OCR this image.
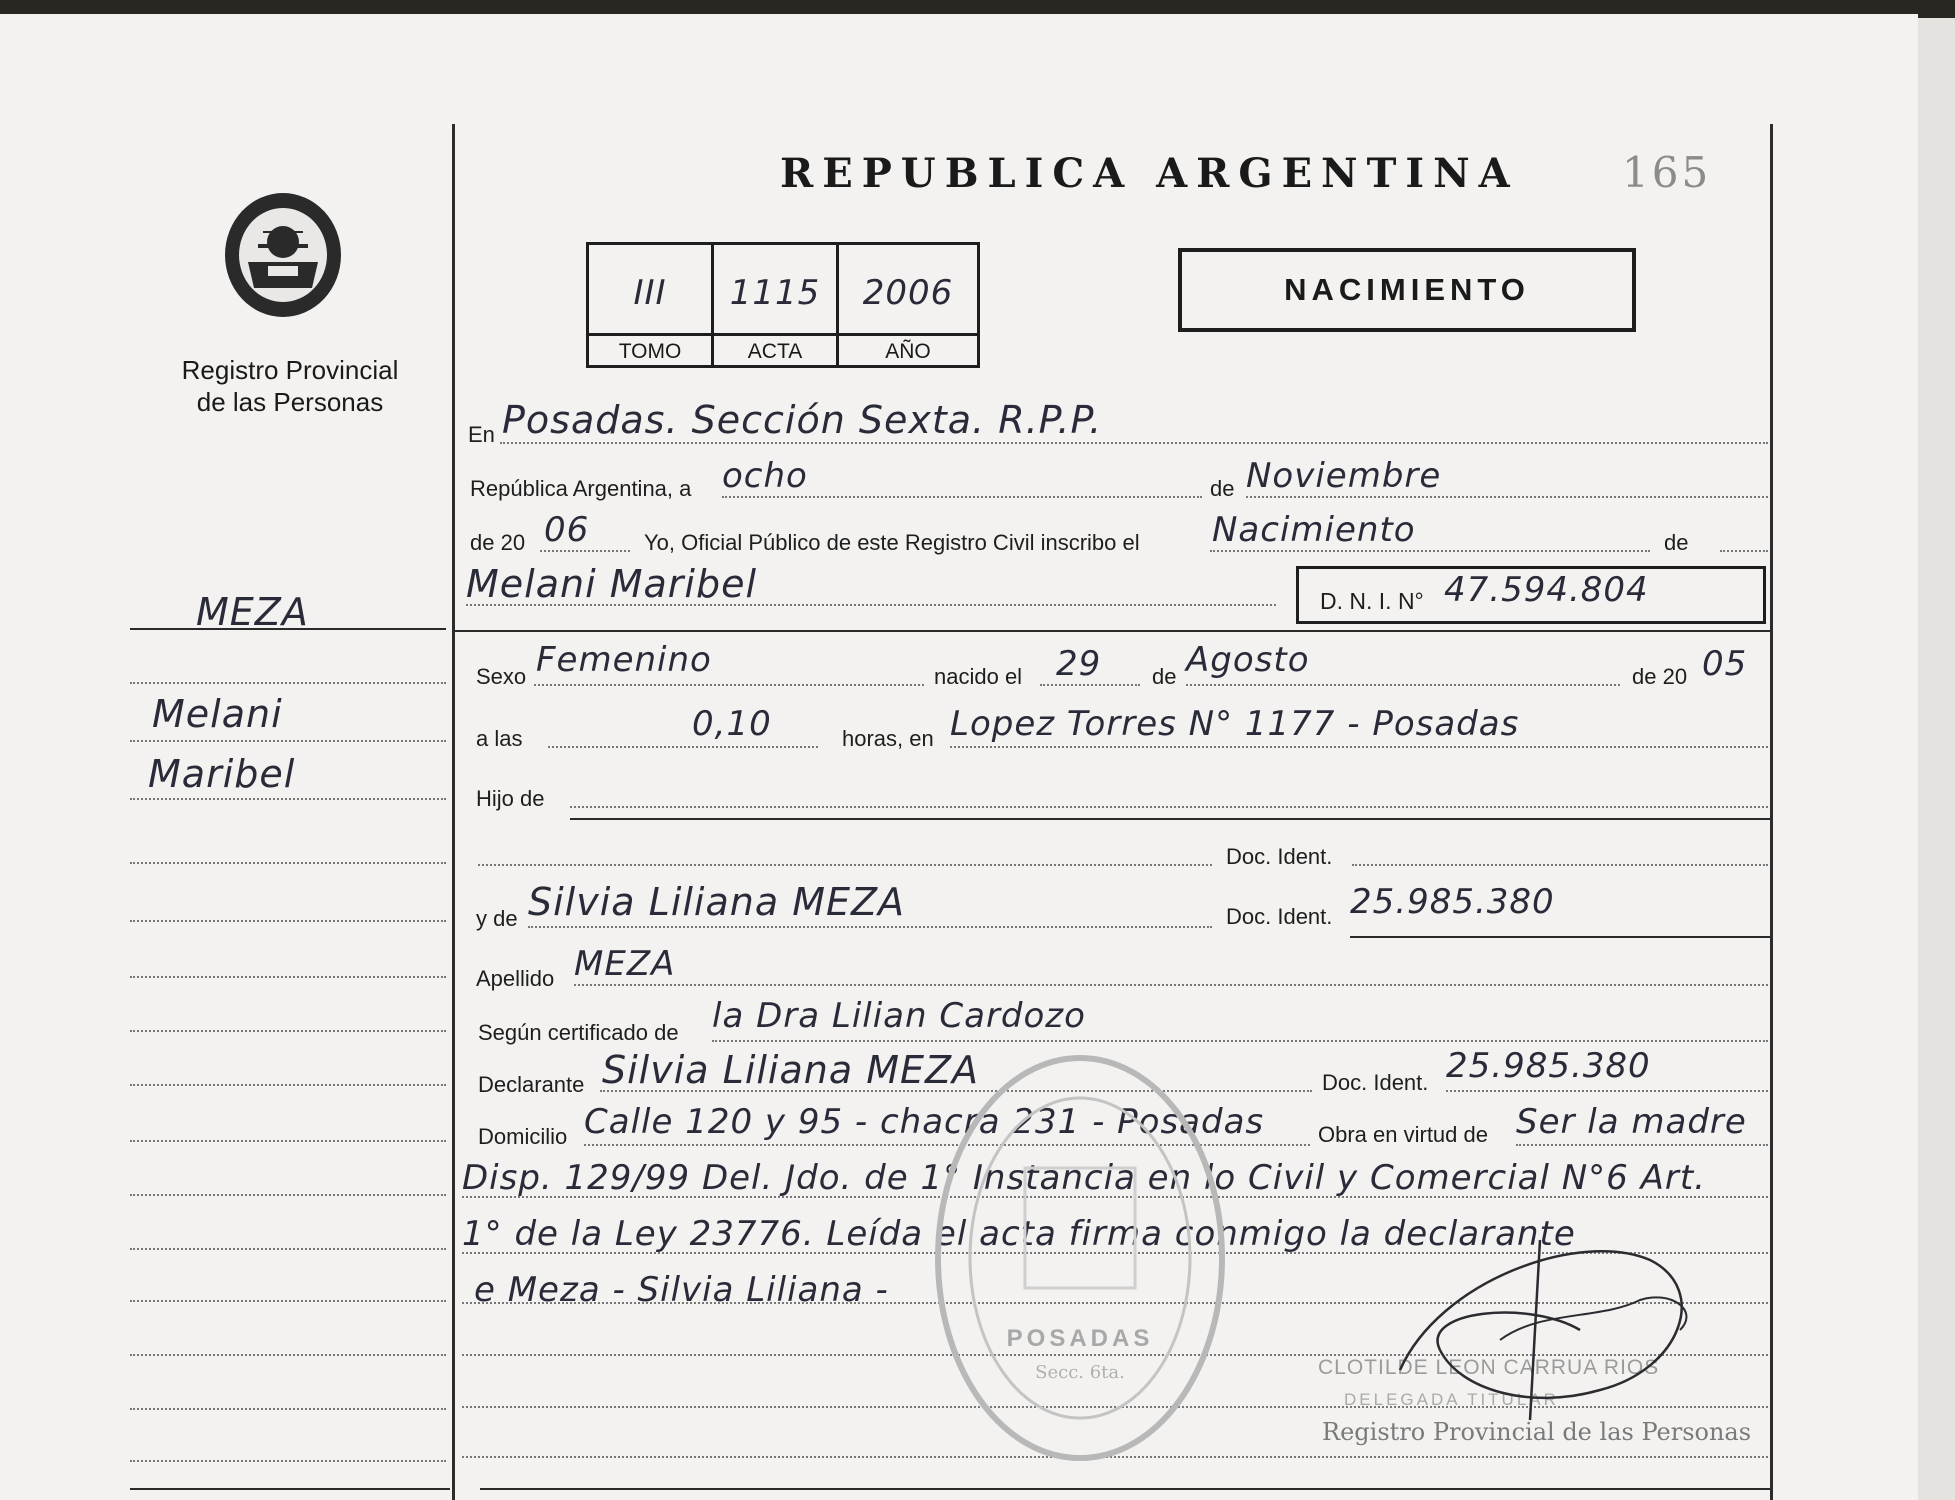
Registro Provincial
de las Personas
REPUBLICA ARGENTINA 165
III	1115	2006
TOMO	ACTA	AÑO
NACIMIENTO
MEZA
Melani
Maribel
En Posadas. Sección Sexta. R.P.P.
República Argentina, a ocho	de Noviembre
de 20 06 Yo, Oficial Público de este Registro Civil inscribo el Nacimiento	de
Melani Maribel	D. N. I. N° 47.594.804
Sexo Femenino	nacido el 29 de Agosto	de 20 05
a las	0,10	horas, en Lopez Torres N° 1177 - Posadas
Hijo de
Doc. Ident.
y de Silvia Liliana MEZA	Doc. Ident. 25.985.380
Apellido MEZA
Según certificado de la Dra Lilian Cardozo
Declarante Silvia Liliana MEZA	Doc. Ident. 25.985.380
Domicilio Calle 120 y 95 - chacra 231 - Posadas Obra en virtud de Ser la madre
Disp. 129/99 Del. Jdo. de 1° Instancia en lo Civil y Comercial N°6 Art.
1° de la Ley 23776. Leída el acta firma conmigo la declarante
e Meza - Silvia Liliana -
POSADAS
Secc. 6ta.	CLOTILDE LEON CARRUA RIOS
DELEGADA TITULAR
Registro Provincial de las Personas
